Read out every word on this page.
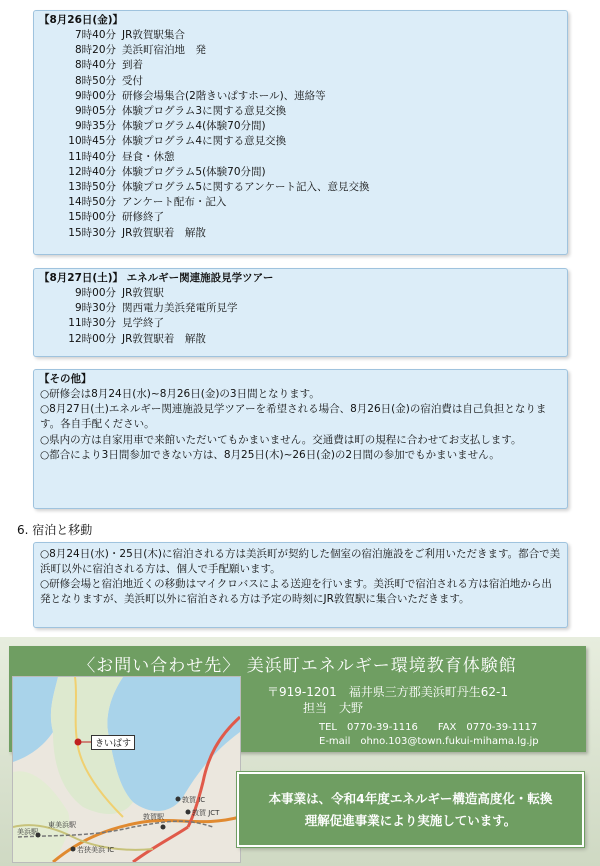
【8月26日(金)】
7時40分 JR敦賀駅集合
8時20分 美浜町宿泊地　発
8時40分 到着
8時50分 受付
9時00分 研修会場集合(2階きいぱすホール)、連絡等
9時05分 体験プログラム3に関する意見交換
9時35分 体験プログラム4(体験70分間)
10時45分 体験プログラム4に関する意見交換
11時40分 昼食・休憩
12時40分 体験プログラム5(体験70分間)
13時50分 体験プログラム5に関するアンケート記入、意見交換
14時50分 アンケート配布・記入
15時00分 研修終了
15時30分 JR敦賀駅着　解散
【8月27日(土)】 エネルギー関連施設見学ツアー
9時00分 JR敦賀駅
9時30分 関西電力美浜発電所見学
11時30分 見学終了
12時00分 JR敦賀駅着　解散
【その他】
○研修会は8月24日(水)~8月26日(金)の3日間となります。
○8月27日(土)エネルギー関連施設見学ツアーを希望される場合、8月26日(金)の宿泊費は自己負担となります。各自手配ください。
○県内の方は自家用車で来館いただいてもかまいません。交通費は町の規程に合わせてお支払します。
○都合により3日間参加できない方は、8月25日(木)~26日(金)の2日間の参加でもかまいません。
6. 宿泊と移動
○8月24日(水)・25日(木)に宿泊される方は美浜町が契約した個室の宿泊施設をご利用いただきます。都合で美浜町以外に宿泊される方は、個人で手配願います。
○研修会場と宿泊地近くの移動はマイクロバスによる送迎を行います。美浜町で宿泊される方は宿泊地から出発となりますが、美浜町以外に宿泊される方は予定の時刻にJR敦賀駅に集合いただきます。
〈お問い合わせ先〉 美浜町エネルギー環境教育体験館
〒919-1201　福井県三方郡美浜町丹生62-1
担当　大野
TEL　0770-39-1116　　FAX　0770-39-1117
E-mail　ohno.103@town.fukui-mihama.lg.jp
きいぱす
敦賀駅
敦賀 IC
敦賀 JCT
美浜駅
東美浜駅
若狭美浜 IC
本事業は、令和4年度エネルギー構造高度化・転換
理解促進事業により実施しています。
